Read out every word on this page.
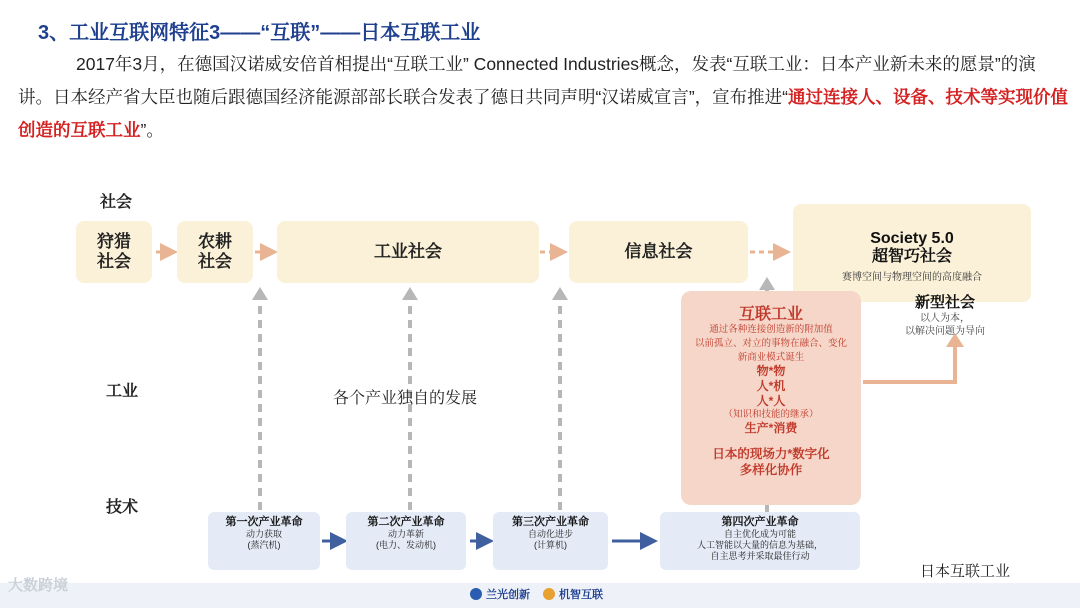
3、工业互联网特征3——“互联”——日本互联工业
2017年3月，在德国汉诺威安倍首相提出“互联工业” Connected Industries概念，发表“互联工业：日本产业新未来的愿景”的演讲。日本经产省大臣也随后跟德国经济能源部部长联合发表了德日共同声明“汉诺威宣言”，宣布推进“通过连接人、设备、技术等实现价值创造的互联工业”。
社会
工业
技术
狩猎
社会
农耕
社会
工业社会	信息社会
Society 5.0
超智巧社会
赛博空间与物理空间的高度融合
新型社会
以人为本，
以解决问题为导向
互联工业
通过各种连接创造新的附加值
以前孤立、对立的事物在融合、变化
新商业模式诞生
物*物
人*机
人*人
（知识和技能的继承）
生产*消费
日本的现场力*数字化
多样化协作
各个产业独自的发展
第一次产业革命
动力获取
(蒸汽机)
第二次产业革命
动力革新
(电力、发动机)
第三次产业革命
自动化进步
(计算机)
第四次产业革命
自主优化成为可能
人工智能以大量的信息为基础，
自主思考并采取最佳行动
日本互联工业
大数跨境
兰光创新	机智互联
